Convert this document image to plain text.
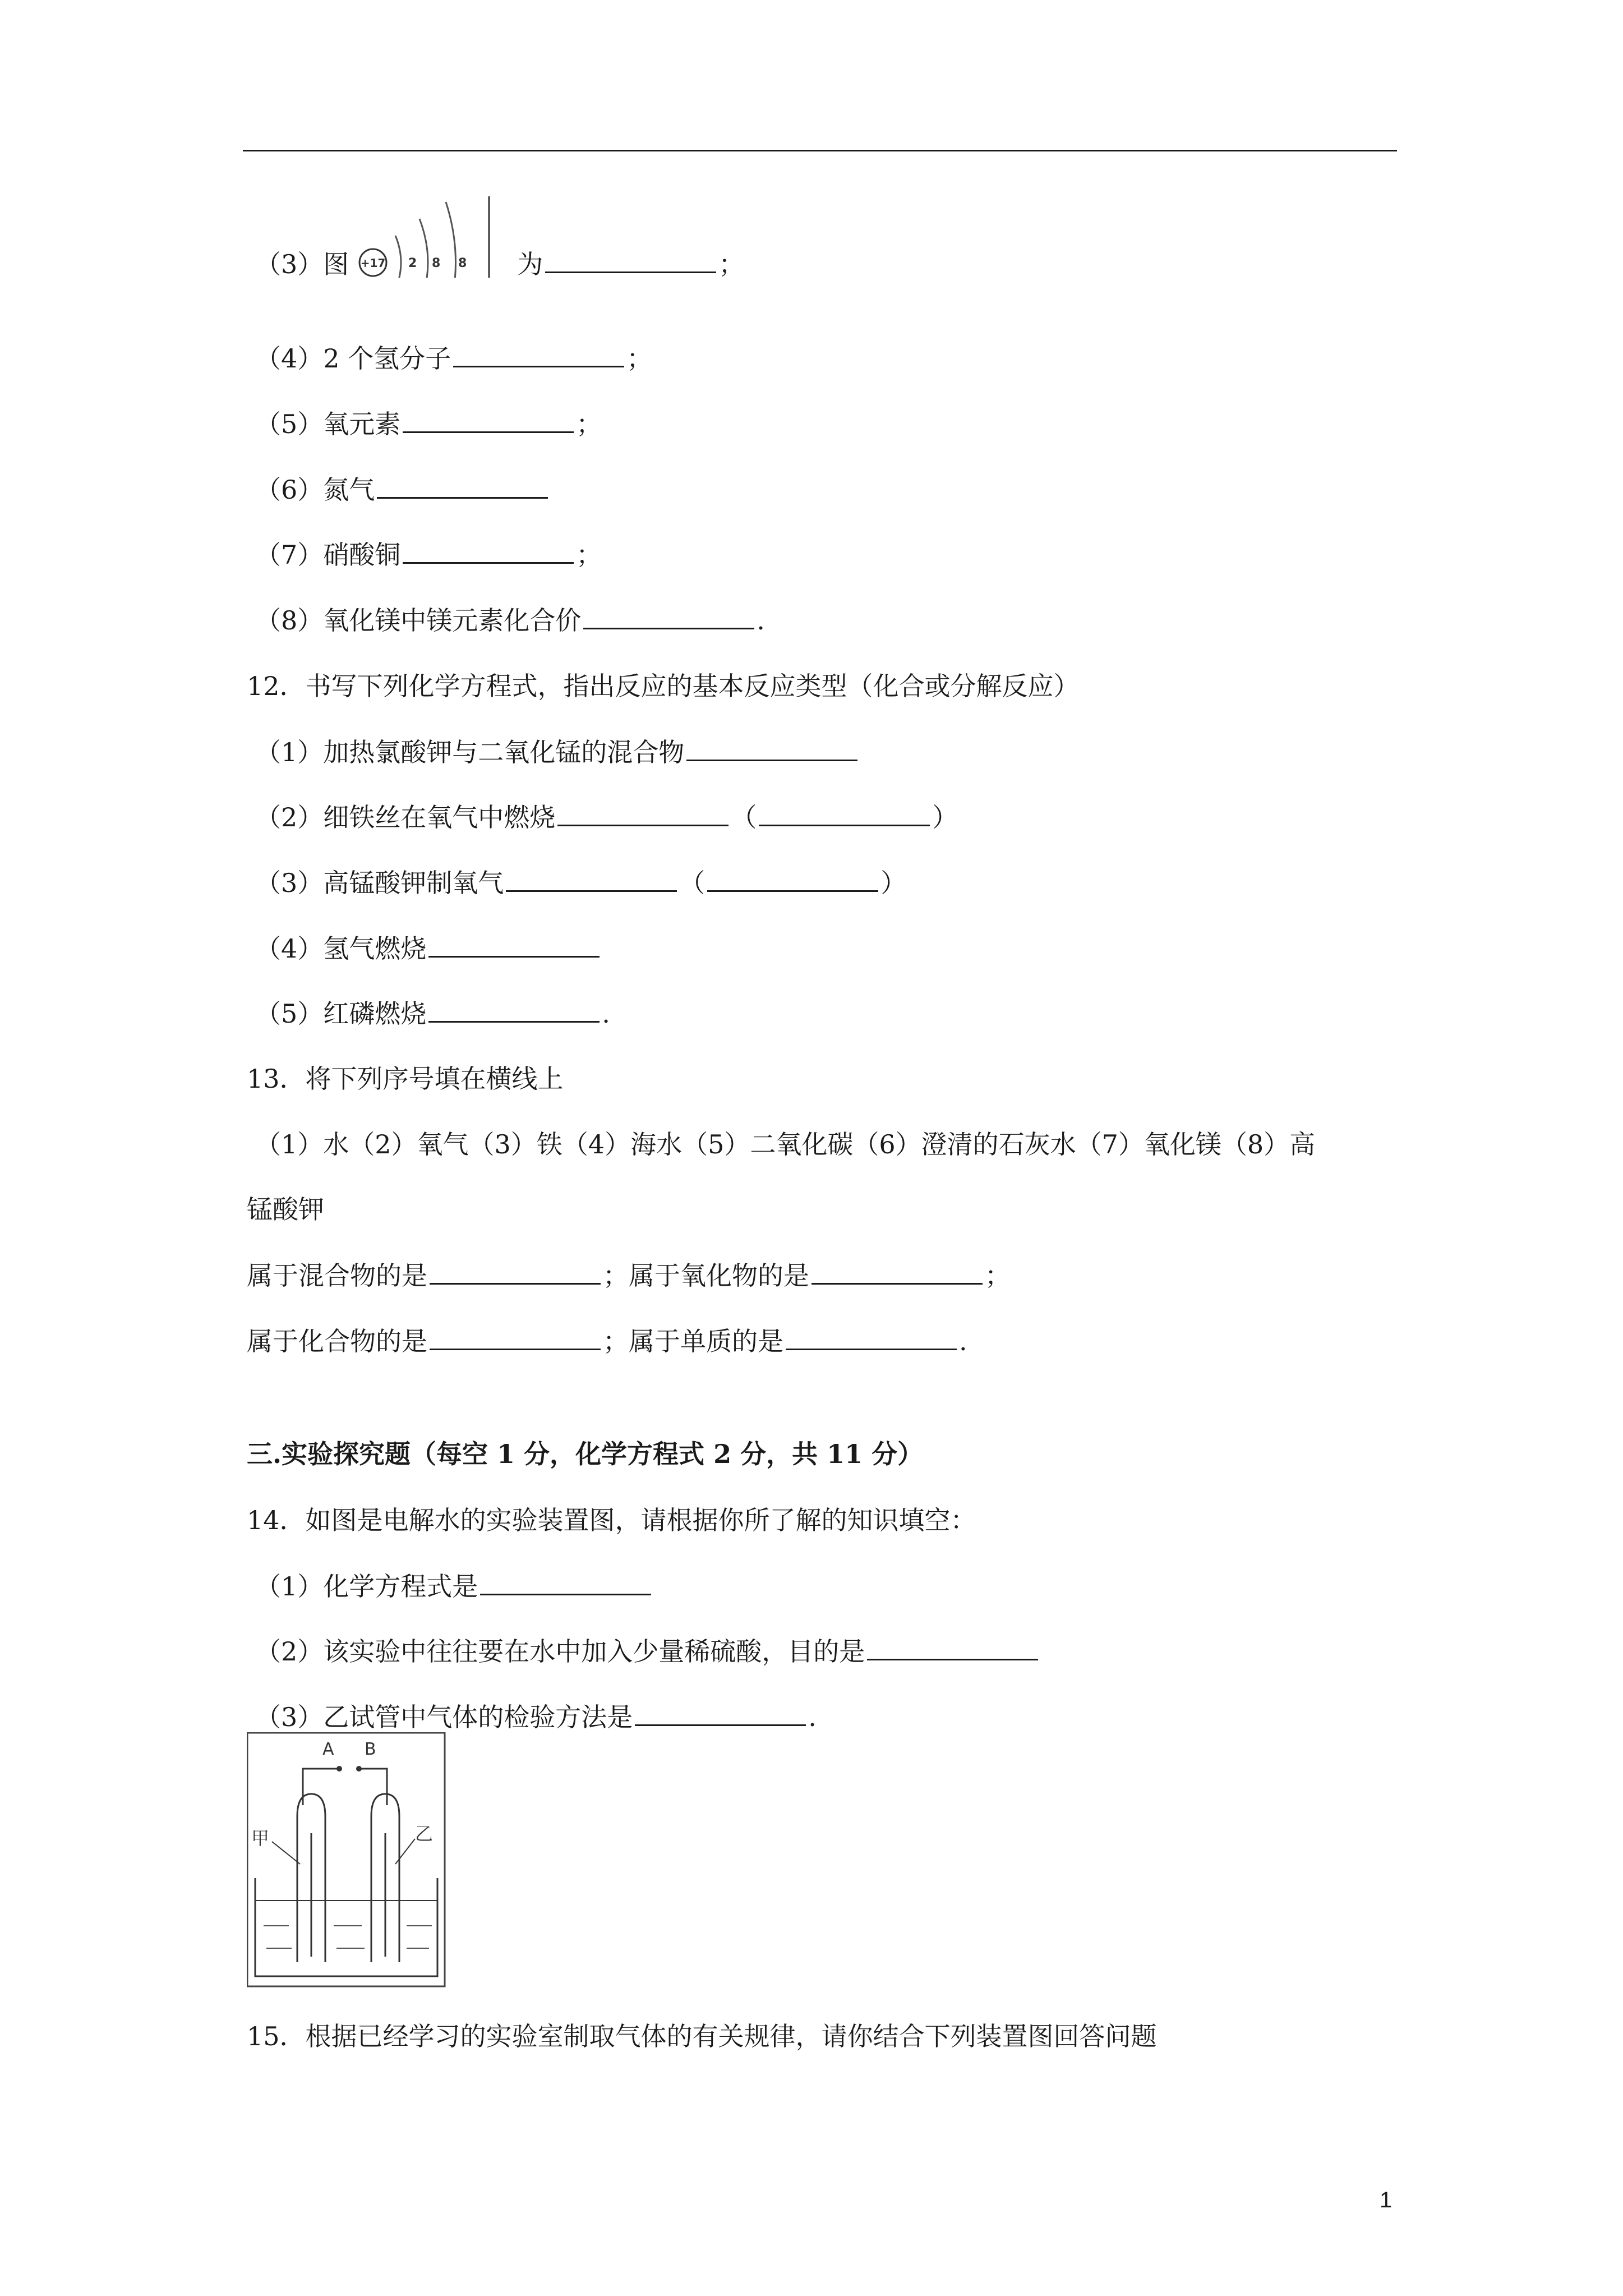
（3）图	为	；
+17 2 8 8
（4）2 个氢分子	；
（5）氧元素	；
（6）氮气
（7）硝酸铜	；
（8）氧化镁中镁元素化合价	.
12．书写下列化学方程式，指出反应的基本反应类型（化合或分解反应）
（1）加热氯酸钾与二氧化锰的混合物
（2）细铁丝在氧气中燃烧	（	）
（3）高锰酸钾制氧气	（	）
（4）氢气燃烧
（5）红磷燃烧	.
13．将下列序号填在横线上
（1）水（2）氧气（3）铁（4）海水（5）二氧化碳（6）澄清的石灰水（7）氧化镁（8）高
锰酸钾
属于混合物的是	；属于氧化物的是	；
属于化合物的是	；属于单质的是	.
三.实验探究题（每空 1 分，化学方程式 2 分，共 11 分）
14．如图是电解水的实验装置图，请根据你所了解的知识填空：
（1）化学方程式是
（2）该实验中往往要在水中加入少量稀硫酸，目的是
（3）乙试管中气体的检验方法是	.
A B
甲	乙
15．根据已经学习的实验室制取气体的有关规律，请你结合下列装置图回答问题
1
